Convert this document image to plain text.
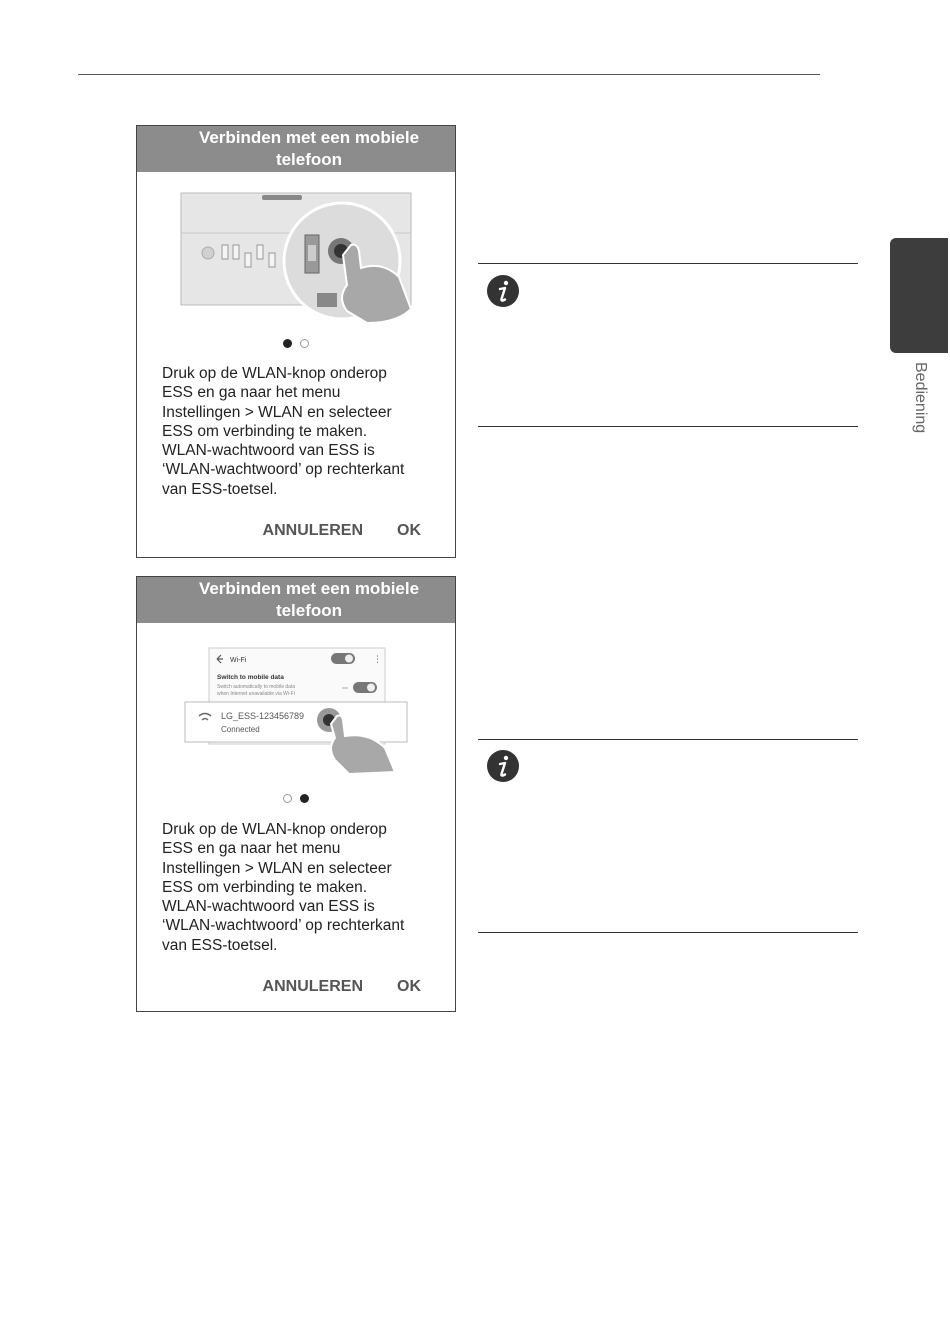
Bediening
Verbinden met een mobiele
telefoon
Druk op de WLAN-knop onderop
ESS en ga naar het menu
Instellingen > WLAN en selecteer
ESS om verbinding te maken.
WLAN-wachtwoord van ESS is
‘WLAN-wachtwoord’ op rechterkant
van ESS-toetsel.
ANNULEREN OK
Verbinden met een mobiele
telefoon
Wi-Fi	⋮
Switch to mobile data
Switch automatically to mobile data
when Internet unavailable via Wi-Fi
LG_ESS-123456789
Connected
Druk op de WLAN-knop onderop
ESS en ga naar het menu
Instellingen > WLAN en selecteer
ESS om verbinding te maken.
WLAN-wachtwoord van ESS is
‘WLAN-wachtwoord’ op rechterkant
van ESS-toetsel.
ANNULEREN OK
